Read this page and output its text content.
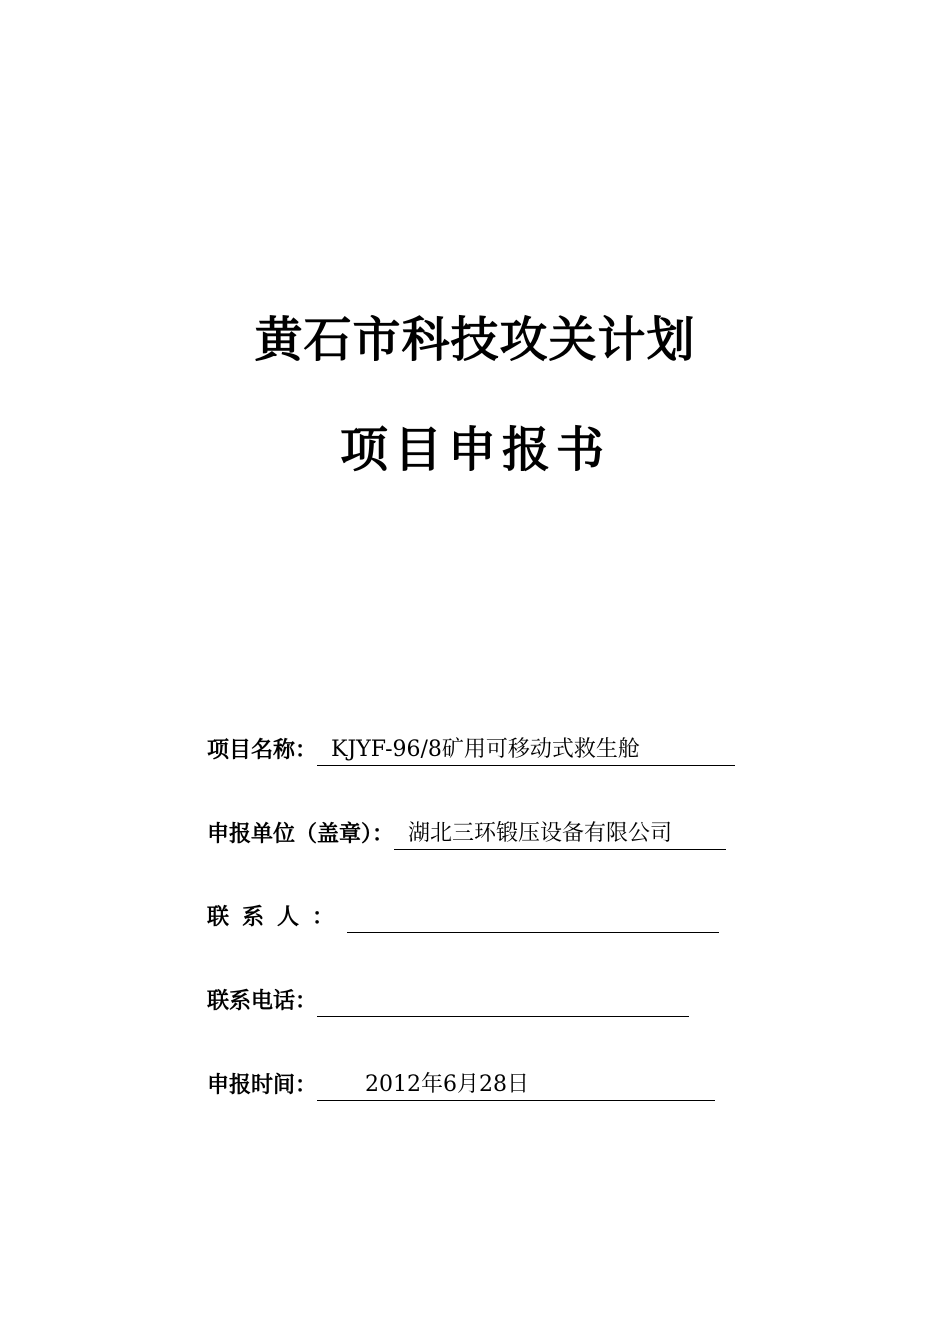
黄石市科技攻关计划
项目申报书
项目名称： KJYF-96/8矿用可移动式救生舱
申报单位（盖章）： 湖北三环锻压设备有限公司
联系人：
联系电话：
申报时间：	2012年6月28日
